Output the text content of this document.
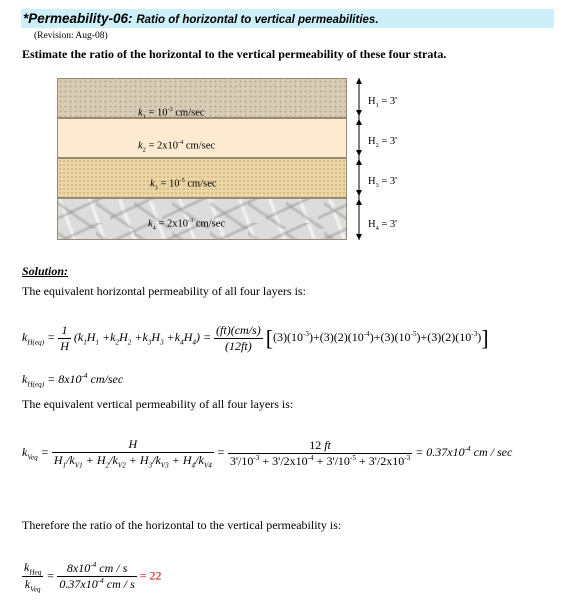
*Permeability-06: Ratio of horizontal to vertical permeabilities.
(Revision: Aug-08)
Estimate the ratio of the horizontal to the vertical permeability of these four strata.
$k = 10^{-3}$ cm/sec
$k_2 = 2x10^{-4}$ cm/sec
$k_3 = 10^{-5}$ cm/sec
$k_4 = 2x10^{-3}$ cm/sec
$H_1 = 3'$
$H_2 = 3'$
$H_3 = 3'$
$H_4 = 3'$
Solution:
The equivalent horizontal permeability of all four layers is:
$k_{H(eq)} = \frac{1}{H} (k_1H_1 +k_2H_2 +k_3H_3 +k_4H_4) = \frac{(ft)(cm/s)}{(12ft)} [(3)(10^{-3})+(3)(2)(10^{-4})+(3)(10^{-5})+(3)(2)(10^{-3})]$
$k_{H(eq)} = 8x10^{-4}$ cm/sec
The equivalent vertical permeability of all four layers is:
$k_{Veq} = \frac{H}{H_1/k_{V1} + H_2/k_{V2} + H_3/k_{V3} + H_4/k_{V4}} = \frac{12 ft}{3'/10^{-3} + 3'/2x10^{-4} + 3'/10^{-5} + 3'/2x10^{-3}} = 0.37x10^{-4}$ cm / sec
Therefore the ratio of the horizontal to the vertical permeability is:
$\frac{k_{Heq}}{k_{Veq}} = \frac{8x10^{-4} cm / s}{0.37x10^{-4} cm / s} = 22$
